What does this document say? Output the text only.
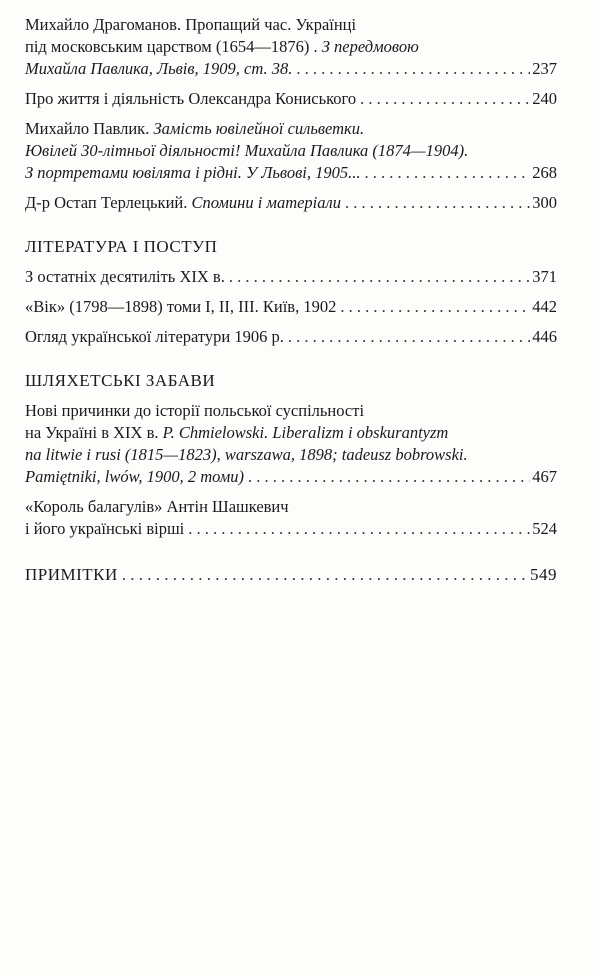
Михайло Драгоманов. Пропащий час. Українці
під московським царством (1654—1876) . З передмовою
Михайла Павлика, Львів, 1909, ст. 38. . . .	237
Про життя і діяльність Олександра Кониського . . .	240
Михайло Павлик. Замість ювілейної сильветки.
Ювілей 30-літньої діяльності! Михайла Павлика (1874—1904).
З портретами ювілята і рідні. У Львові, 1905... . . .	268
Д-р Остап Терлецький. Спомини і матеріали . . .	300
ЛІТЕРАТУРА І ПОСТУП
З остатніх десятиліть XIX в. . . .	371
«Вік» (1798—1898) томи I, II, III. Київ, 1902 . . .	442
Огляд української літератури 1906 р. . . .	446
ШЛЯХЕТСЬКІ ЗАБАВИ
Нові причинки до історії польської суспільності
на Україні в XIX в. P. Chmielowski. Liberalizm i obskurantyzm
na litwie i rusi (1815—1823), warszawa, 1898; tadeusz bobrowski.
Pamiętniki, lwów, 1900, 2 томи) . . .	467
«Король балагулів» Антін Шашкевич
і його українські вірші . . .	524
ПРИМІТКИ . . .	549
